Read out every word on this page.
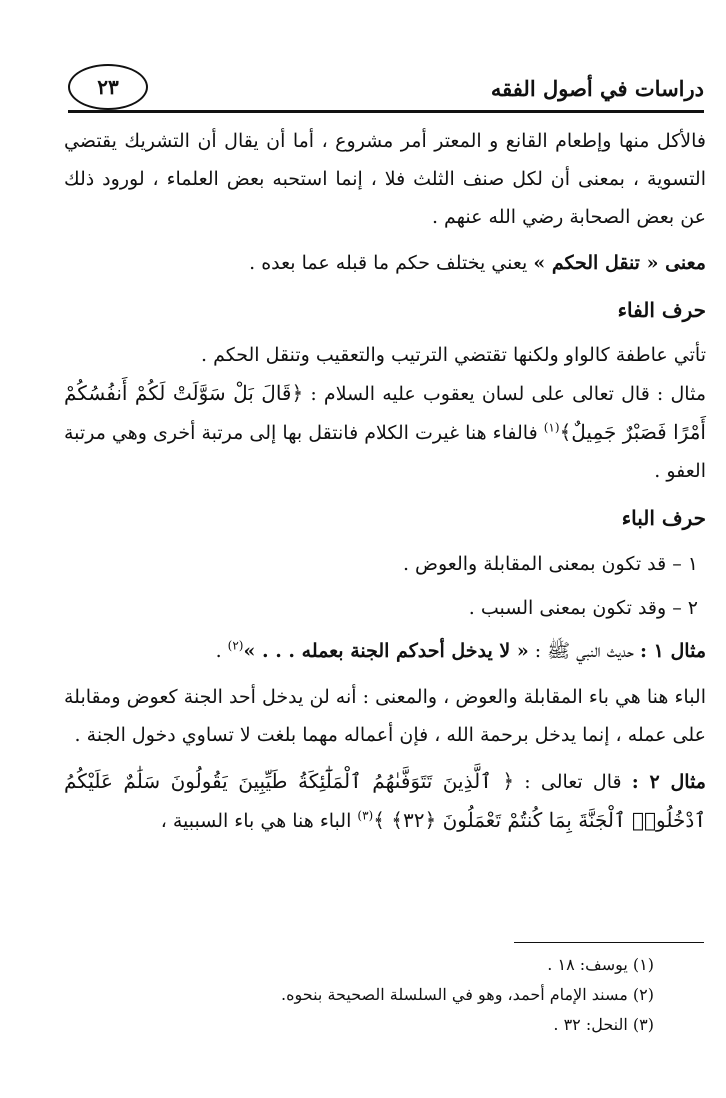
دراسات في أصول الفقه
٢٣

فالأكل منها وإطعام القانع و المعتر أمر مشروع ، أما أن يقال أن التشريك يقتضي التسوية ، بمعنى أن لكل صنف الثلث فلا ، إنما استحبه بعض العلماء ، لورود ذلك عن بعض الصحابة رضي الله عنهم .

معنى « تنقل الحكم » يعني يختلف حكم ما قبله عما بعده .

حرف الفاء

تأتي عاطفة كالواو ولكنها تقتضي الترتيب والتعقيب وتنقل الحكم .

مثال : قال تعالى على لسان يعقوب عليه السلام : ﴿قَالَ بَلْ سَوَّلَتْ لَكُمْ أَنفُسُكُمْ أَمْرًا فَصَبْرٌ جَمِيلٌ﴾$^{(١)}$ فالفاء هنا غيرت الكلام فانتقل بها إلى مرتبة أخرى وهي مرتبة العفو .

حرف الباء

١ – قد تكون بمعنى المقابلة والعوض .

٢ – وقد تكون بمعنى السبب .

مثال ١ : حديث النبي ﷺ : « لا يدخل أحدكم الجنة بعمله . . . »$^{(٢)}$ .

الباء هنا هي باء المقابلة والعوض ، والمعنى : أنه لن يدخل أحد الجنة كعوض ومقابلة على عمله ، إنما يدخل برحمة الله ، فإن أعماله مهما بلغت لا تساوي دخول الجنة .

مثال ٢ : قال تعالى : ﴿ ٱلَّذِينَ تَتَوَفَّىٰهُمُ ٱلْمَلَٰٓئِكَةُ طَيِّبِينَ يَقُولُونَ سَلَٰمٌ عَلَيْكُمُ ٱدْخُلُوا۟ ٱلْجَنَّةَ بِمَا كُنتُمْ تَعْمَلُونَ ﴿٣٢﴾ ﴾$^{(٣)}$ الباء هنا هي باء السببية ،

(١) يوسف: ١٨ .

(٢) مسند الإمام أحمد، وهو في السلسلة الصحيحة بنحوه.

(٣) النحل: ٣٢ .
